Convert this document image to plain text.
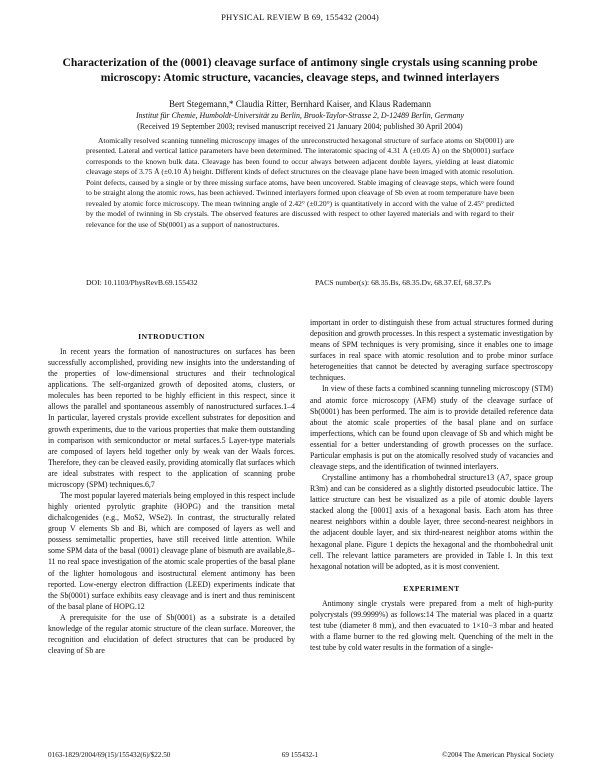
PHYSICAL REVIEW B 69, 155432 (2004)
Characterization of the (0001) cleavage surface of antimony single crystals using scanning probe microscopy: Atomic structure, vacancies, cleavage steps, and twinned interlayers
Bert Stegemann,* Claudia Ritter, Bernhard Kaiser, and Klaus Rademann
Institut für Chemie, Humboldt-Universität zu Berlin, Brook-Taylor-Strasse 2, D-12489 Berlin, Germany
(Received 19 September 2003; revised manuscript received 21 January 2004; published 30 April 2004)

Atomically resolved scanning tunneling microscopy images of the unreconstructed hexagonal structure of surface atoms on Sb(0001) are presented. Lateral and vertical lattice parameters have been determined. The interatomic spacing of 4.31 Å (±0.05 Å) on the Sb(0001) surface corresponds to the known bulk data. Cleavage has been found to occur always between adjacent double layers, yielding at least diatomic cleavage steps of 3.75 Å (±0.10 Å) height. Different kinds of defect structures on the cleavage plane have been imaged with atomic resolution. Point defects, caused by a single or by three missing surface atoms, have been uncovered. Stable imaging of cleavage steps, which were found to be straight along the atomic rows, has been achieved. Twinned interlayers formed upon cleavage of Sb even at room temperature have been revealed by atomic force microscopy. The mean twinning angle of 2.42° (±0.20°) is quantitatively in accord with the value of 2.45° predicted by the model of twinning in Sb crystals. The observed features are discussed with respect to other layered materials and with regard to their relevance for the use of Sb(0001) as a support of nanostructures.

DOI: 10.1103/PhysRevB.69.155432	PACS number(s): 68.35.Bs, 68.35.Dv, 68.37.Ef, 68.37.Ps
INTRODUCTION

In recent years the formation of nanostructures on surfaces has been successfully accomplished, providing new insights into the understanding of the properties of low-dimensional structures and their technological applications. The self-organized growth of deposited atoms, clusters, or molecules has been reported to be highly efficient in this respect, since it allows the parallel and spontaneous assembly of nanostructured surfaces.1–4 In particular, layered crystals provide excellent substrates for deposition and growth experiments, due to the various properties that make them outstanding in comparison with semiconductor or metal surfaces.5 Layer-type materials are composed of layers held together only by weak van der Waals forces. Therefore, they can be cleaved easily, providing atomically flat surfaces which are ideal substrates with respect to the application of scanning probe microscopy (SPM) techniques.6,7

The most popular layered materials being employed in this respect include highly oriented pyrolytic graphite (HOPG) and the transition metal dichalcogenides (e.g., MoS2, WSe2). In contrast, the structurally related group V elements Sb and Bi, which are composed of layers as well and possess semimetallic properties, have still received little attention. While some SPM data of the basal (0001) cleavage plane of bismuth are available,8–11 no real space investigation of the atomic scale properties of the basal plane of the lighter homologous and isostructural element antimony has been reported. Low-energy electron diffraction (LEED) experiments indicate that the Sb(0001) surface exhibits easy cleavage and is inert and thus reminiscent of the basal plane of HOPG.12

A prerequisite for the use of Sb(0001) as a substrate is a detailed knowledge of the regular atomic structure of the clean surface. Moreover, the recognition and elucidation of defect structures that can be produced by cleaving of Sb are

important in order to distinguish these from actual structures formed during deposition and growth processes. In this respect a systematic investigation by means of SPM techniques is very promising, since it enables one to image surfaces in real space with atomic resolution and to probe minor surface heterogeneities that cannot be detected by averaging surface spectroscopy techniques.

In view of these facts a combined scanning tunneling microscopy (STM) and atomic force microscopy (AFM) study of the cleavage surface of Sb(0001) has been performed. The aim is to provide detailed reference data about the atomic scale properties of the basal plane and on surface imperfections, which can be found upon cleavage of Sb and which might be essential for a better understanding of growth processes on the surface. Particular emphasis is put on the atomically resolved study of vacancies and cleavage steps, and the identification of twinned interlayers.

Crystalline antimony has a rhombohedral structure13 (A7, space group R3m) and can be considered as a slightly distorted pseudocubic lattice. The lattice structure can best be visualized as a pile of atomic double layers stacked along the [0001] axis of a hexagonal basis. Each atom has three nearest neighbors within a double layer, three second-nearest neighbors in the adjacent double layer, and six third-nearest neighbor atoms within the hexagonal plane. Figure 1 depicts the hexagonal and the rhombohedral unit cell. The relevant lattice parameters are provided in Table I. In this text hexagonal notation will be adopted, as it is most convenient.

EXPERIMENT

Antimony single crystals were prepared from a melt of high-purity polycrystals (99.9999%) as follows:14 The material was placed in a quartz test tube (diameter 8 mm), and then evacuated to 1×10−3 mbar and heated with a flame burner to the red glowing melt. Quenching of the melt in the test tube by cold water results in the formation of a single-

0163-1829/2004/69(15)/155432(6)/$22.50	69 155432-1	©2004 The American Physical Society
